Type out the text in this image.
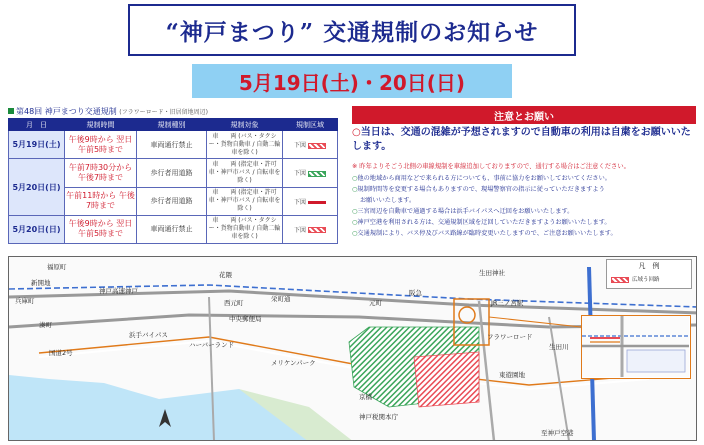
“神戸まつり” 交通規制のお知らせ
5月19日(土)・20日(日)
第48回 神戸まつり交通規制 (フラワーロード・旧居留地周辺)
月　日	規制時間	規制種別	規制対象	規制区域
5月19日(土)	午後9時から 翌日午前5時まで	車両通行禁止	車　　両 (バス・タクシー・貨物自動車 / 自動二輪車を除く)	下図
5月20日(日)	午前7時30分から 午後7時まで	歩行者用道路	車　　両 (指定車・許可車・神戸市バス / 自転車を除く)	下図
	午前11時から 午後7時まで	歩行者用道路	車　　両 (指定車・許可車・神戸市バス / 自転車を除く)	下図
5月20日(日)	午後9時から 翌日午前5時まで	車両通行禁止	車　　両 (バス・タクシー・貨物自動車 / 自動二輪車を除く)	下図
注意とお願い
○当日は、交通の混雑が予想されますので自動車の利用は自粛をお願いいたします。
※ 昨年よりそごう北側の車線規制を車線追加しておりますので、通行する場合はご注意ください。
○他の地域から商用などで来られる方についても、事前に協力をお願いしておいてください。
○規制時間等を変更する場合もありますので、現場警察官の指示に従っていただきますよう
お願いいたします。
○三宮周辺を自動車で通過する場合は浜手バイパスへ迂回をお願いいたします。
○神戸空港を利用される方は、交通規制区域を迂回していただきますようお願いいたします。
○交通規制により、バス停及びバス路線が臨時変更いたしますので、ご注意お願いいたします。
福原町
新開地
花隈
湊町
兵庫町
神戸高速神戸
西元町	栄町通	元町
阪急
JR三ノ宮駅
生田神社
中央郵便局
ハーバーランド
メリケンパーク
浜手バイパス
国道2号
京橋
生田川
神戸税関本庁
至神戸空港
フラワーロード
東遊園地
凡　例
広域う回路
